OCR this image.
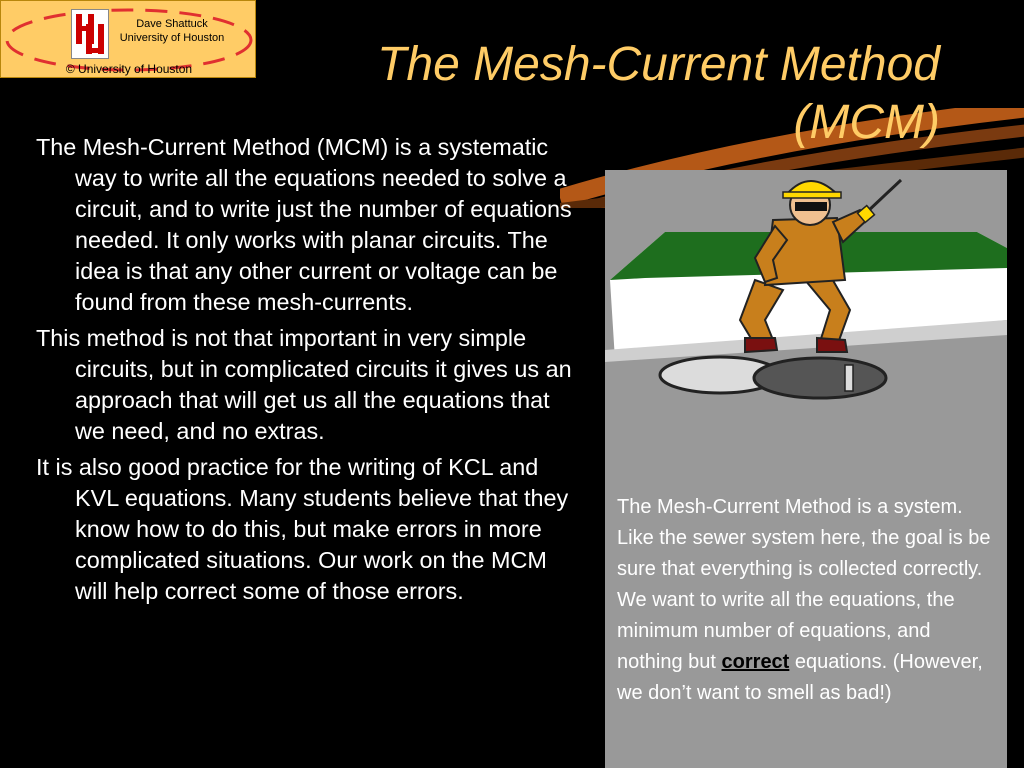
Dave Shattuck
University of Houston
© University of Houston	The Mesh-Current Method
(MCM)

The Mesh-Current Method (MCM) is a systematic way to write all the equations needed to solve a circuit, and to write just the number of equations needed. It only works with planar circuits. The idea is that any other current or voltage can be found from these mesh-currents.

This method is not that important in very simple circuits, but in complicated circuits it gives us an approach that will get us all the equations that we need, and no extras.

It is also good practice for the writing of KCL and KVL equations. Many students believe that they know how to do this, but make errors in more complicated situations. Our work on the MCM will help correct some of those errors.

The Mesh-Current Method is a system. Like the sewer system here, the goal is be sure that everything is collected correctly. We want to write all the equations, the minimum number of equations, and nothing but correct equations. (However, we don’t want to smell as bad!)
